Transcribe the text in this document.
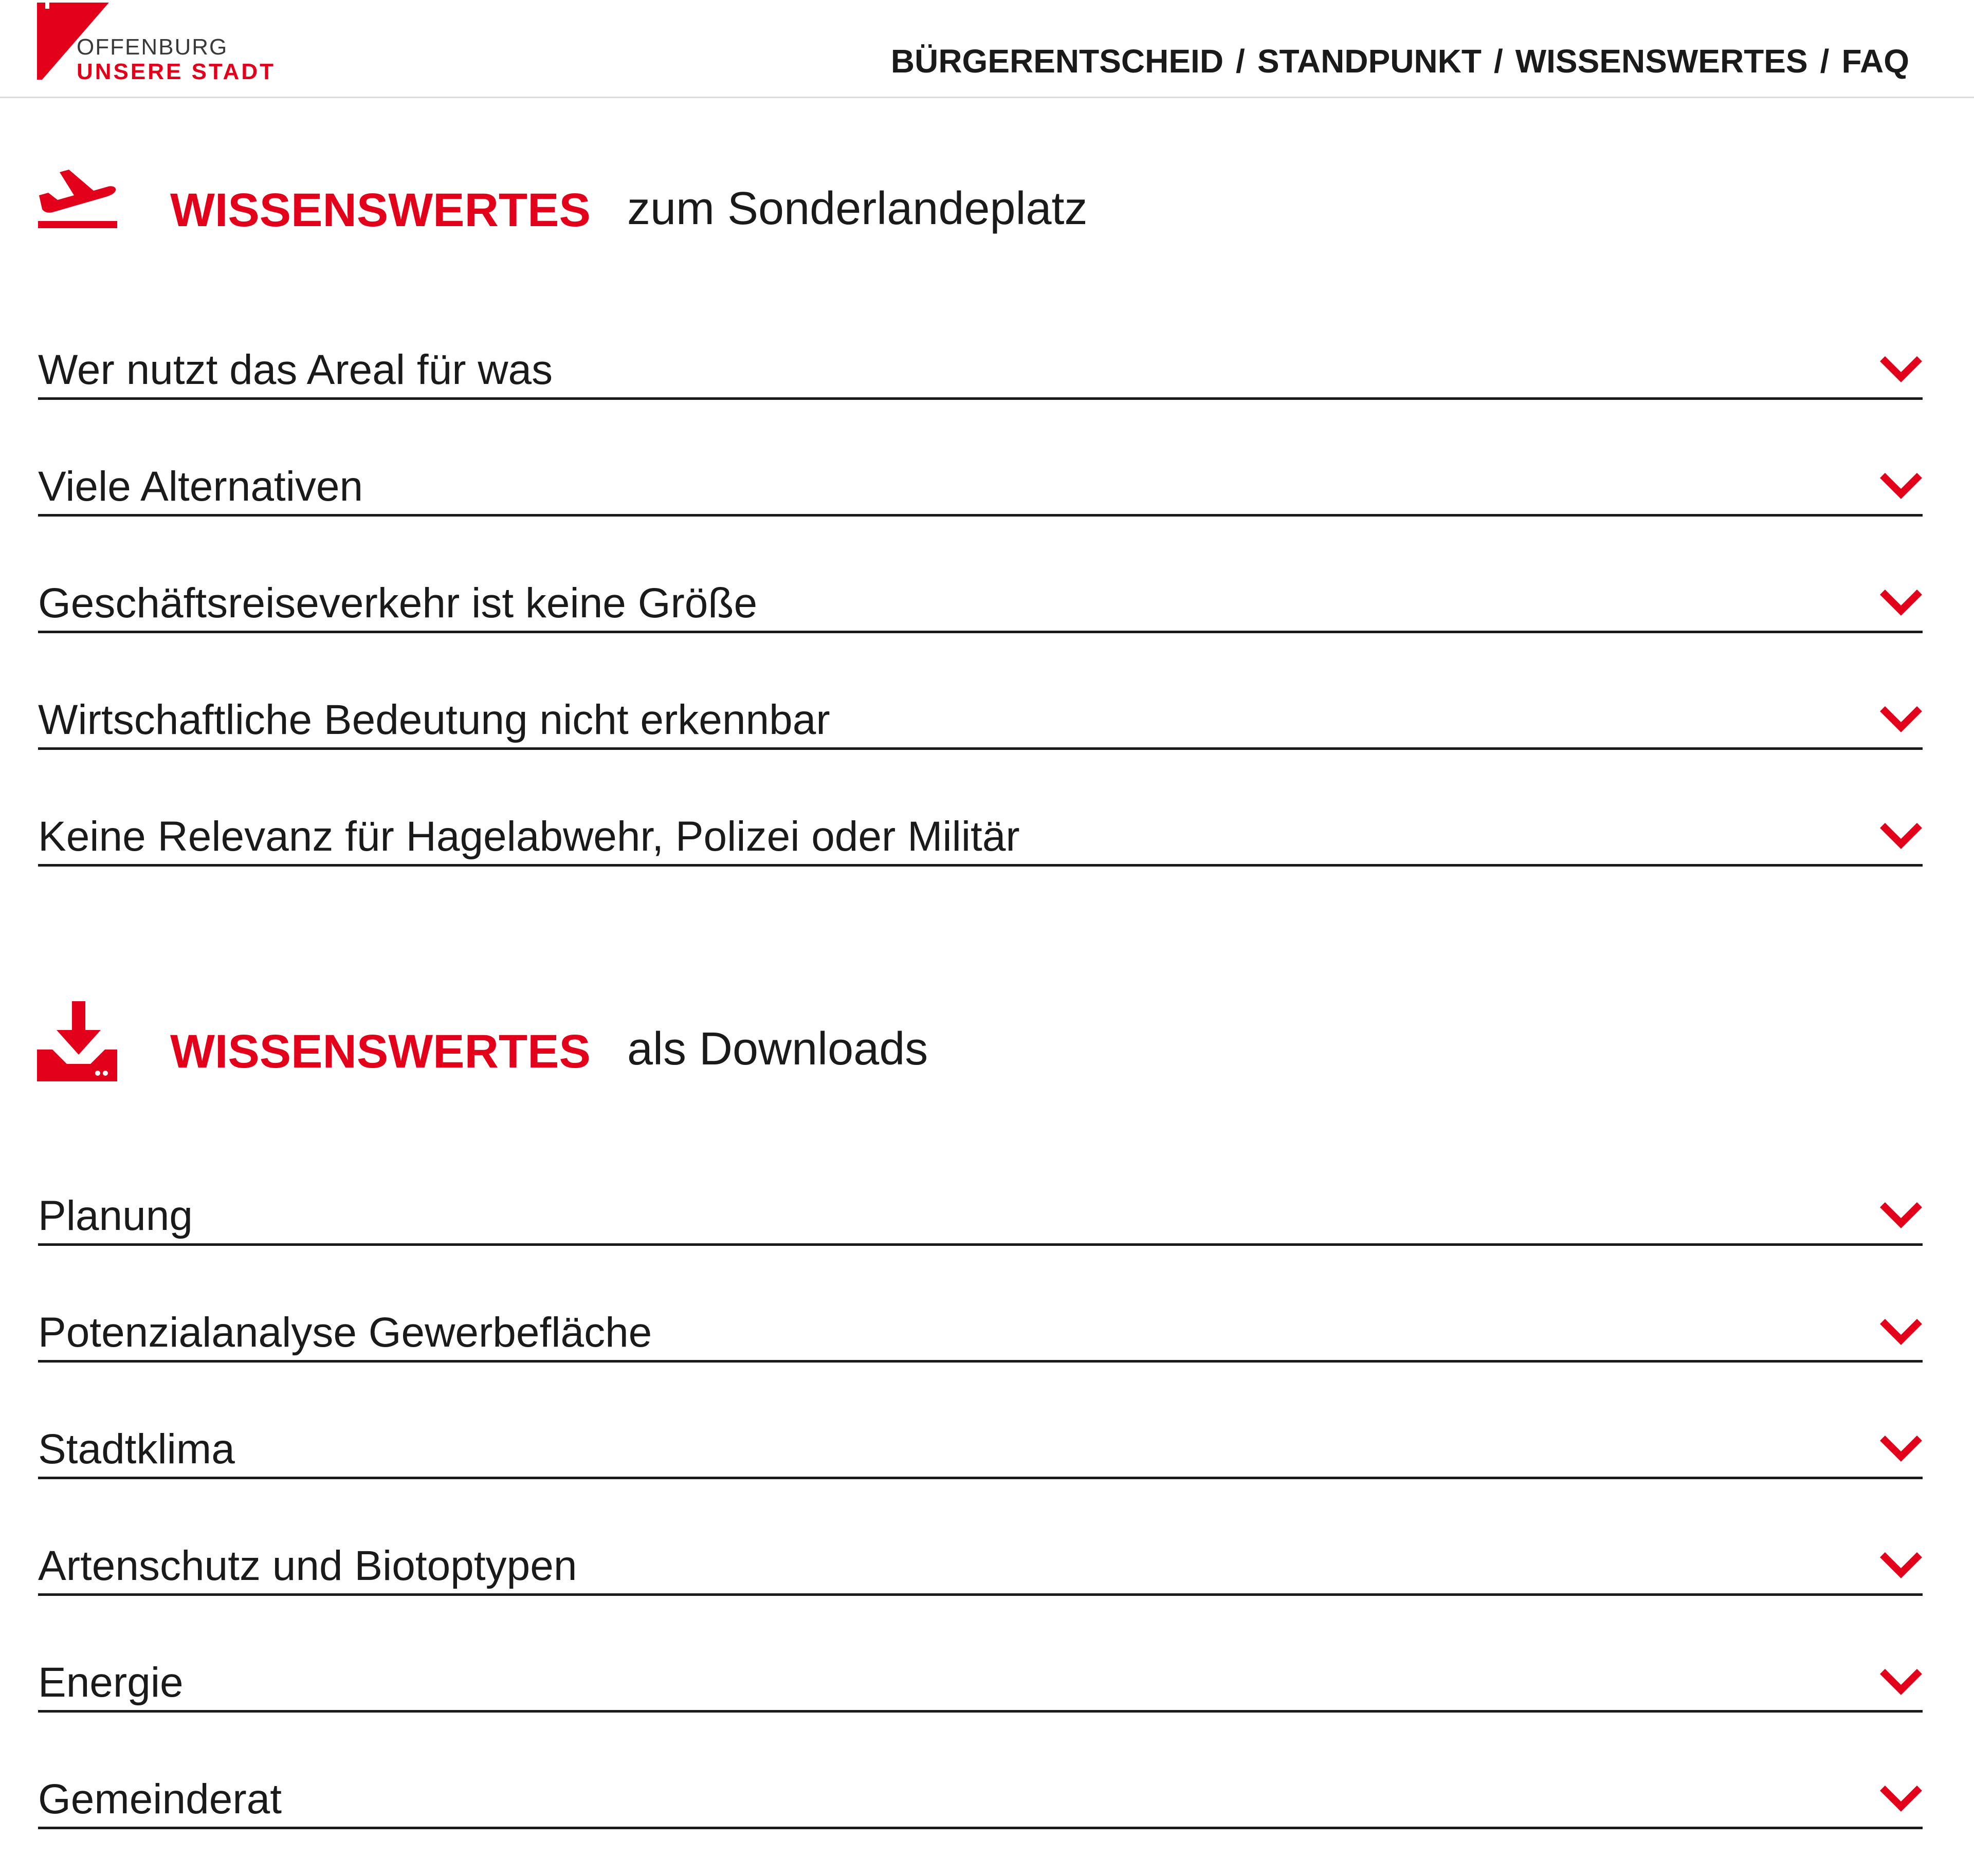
OFFENBURG
UNSERE STADT	BÜRGERENTSCHEID / STANDPUNKT / WISSENSWERTES / FAQ
WISSENSWERTES zum Sonderlandeplatz
Wer nutzt das Areal für was
Viele Alternativen
Geschäftsreiseverkehr ist keine Größe
Wirtschaftliche Bedeutung nicht erkennbar
Keine Relevanz für Hagelabwehr, Polizei oder Militär
WISSENSWERTES als Downloads
Planung
Potenzialanalyse Gewerbefläche
Stadtklima
Artenschutz und Biotoptypen
Energie
Gemeinderat
